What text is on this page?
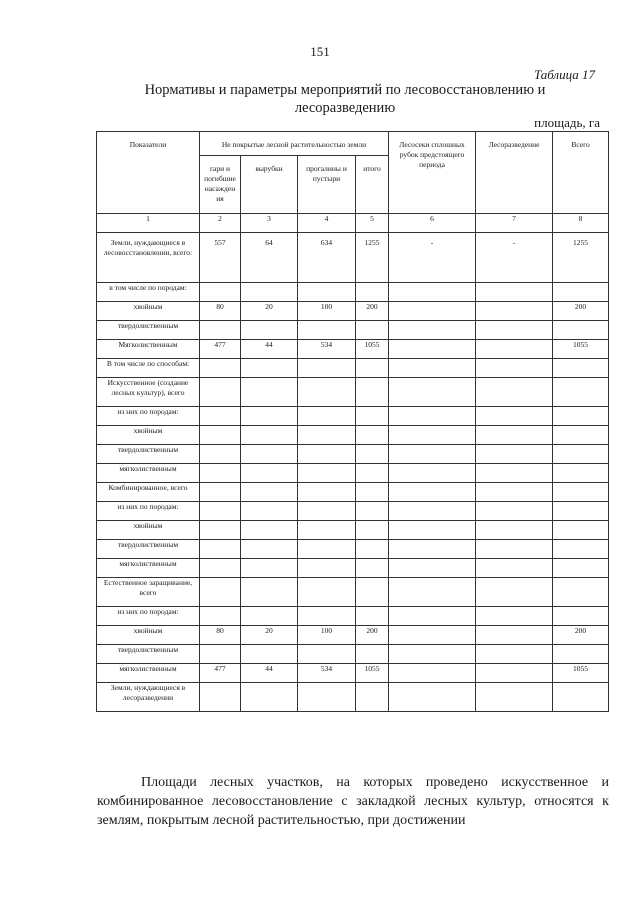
151
Таблица 17
Нормативы и параметры мероприятий по лесовосстановлению и лесоразведению
площадь, га
Показатели	Не покрытые лесной растительностью земли				Лесосеки сплошных рубок предстоящего периода	Лесоразведение	Всего
	гари и погибшие насажден ия	вырубки	прогалины и пустыри	итого			
1	2	3	4	5	6	7	8
Земли, нуждающиеся в лесовосстановлении, всего:	557	64	634	1255	-	-	1255
в том числе по породам:							
хвойным	80	20	100	200			200
твердолиственным							
Мягколиственным	477	44	534	1055			1055
В том числе по способам:							
Искусственное (создание лесных культур), всего							
из них по породам:							
хвойным							
твердолиственным							
мягколиственным							
Комбинированное, всего							
из них по породам:							
хвойным							
твердолиственным							
мягколиственным							
Естественное заращивание, всего							
из них по породам:							
хвойным	80	20	100	200			200
твердолиственным							
мягколиственным	477	44	534	1055			1055
Земли, нуждающиеся в лесоразведении							
Площади лесных участков, на которых проведено искусственное и комбинированное лесовосстановление с закладкой лесных культур, относятся к землям, покрытым лесной растительностью, при достижении
